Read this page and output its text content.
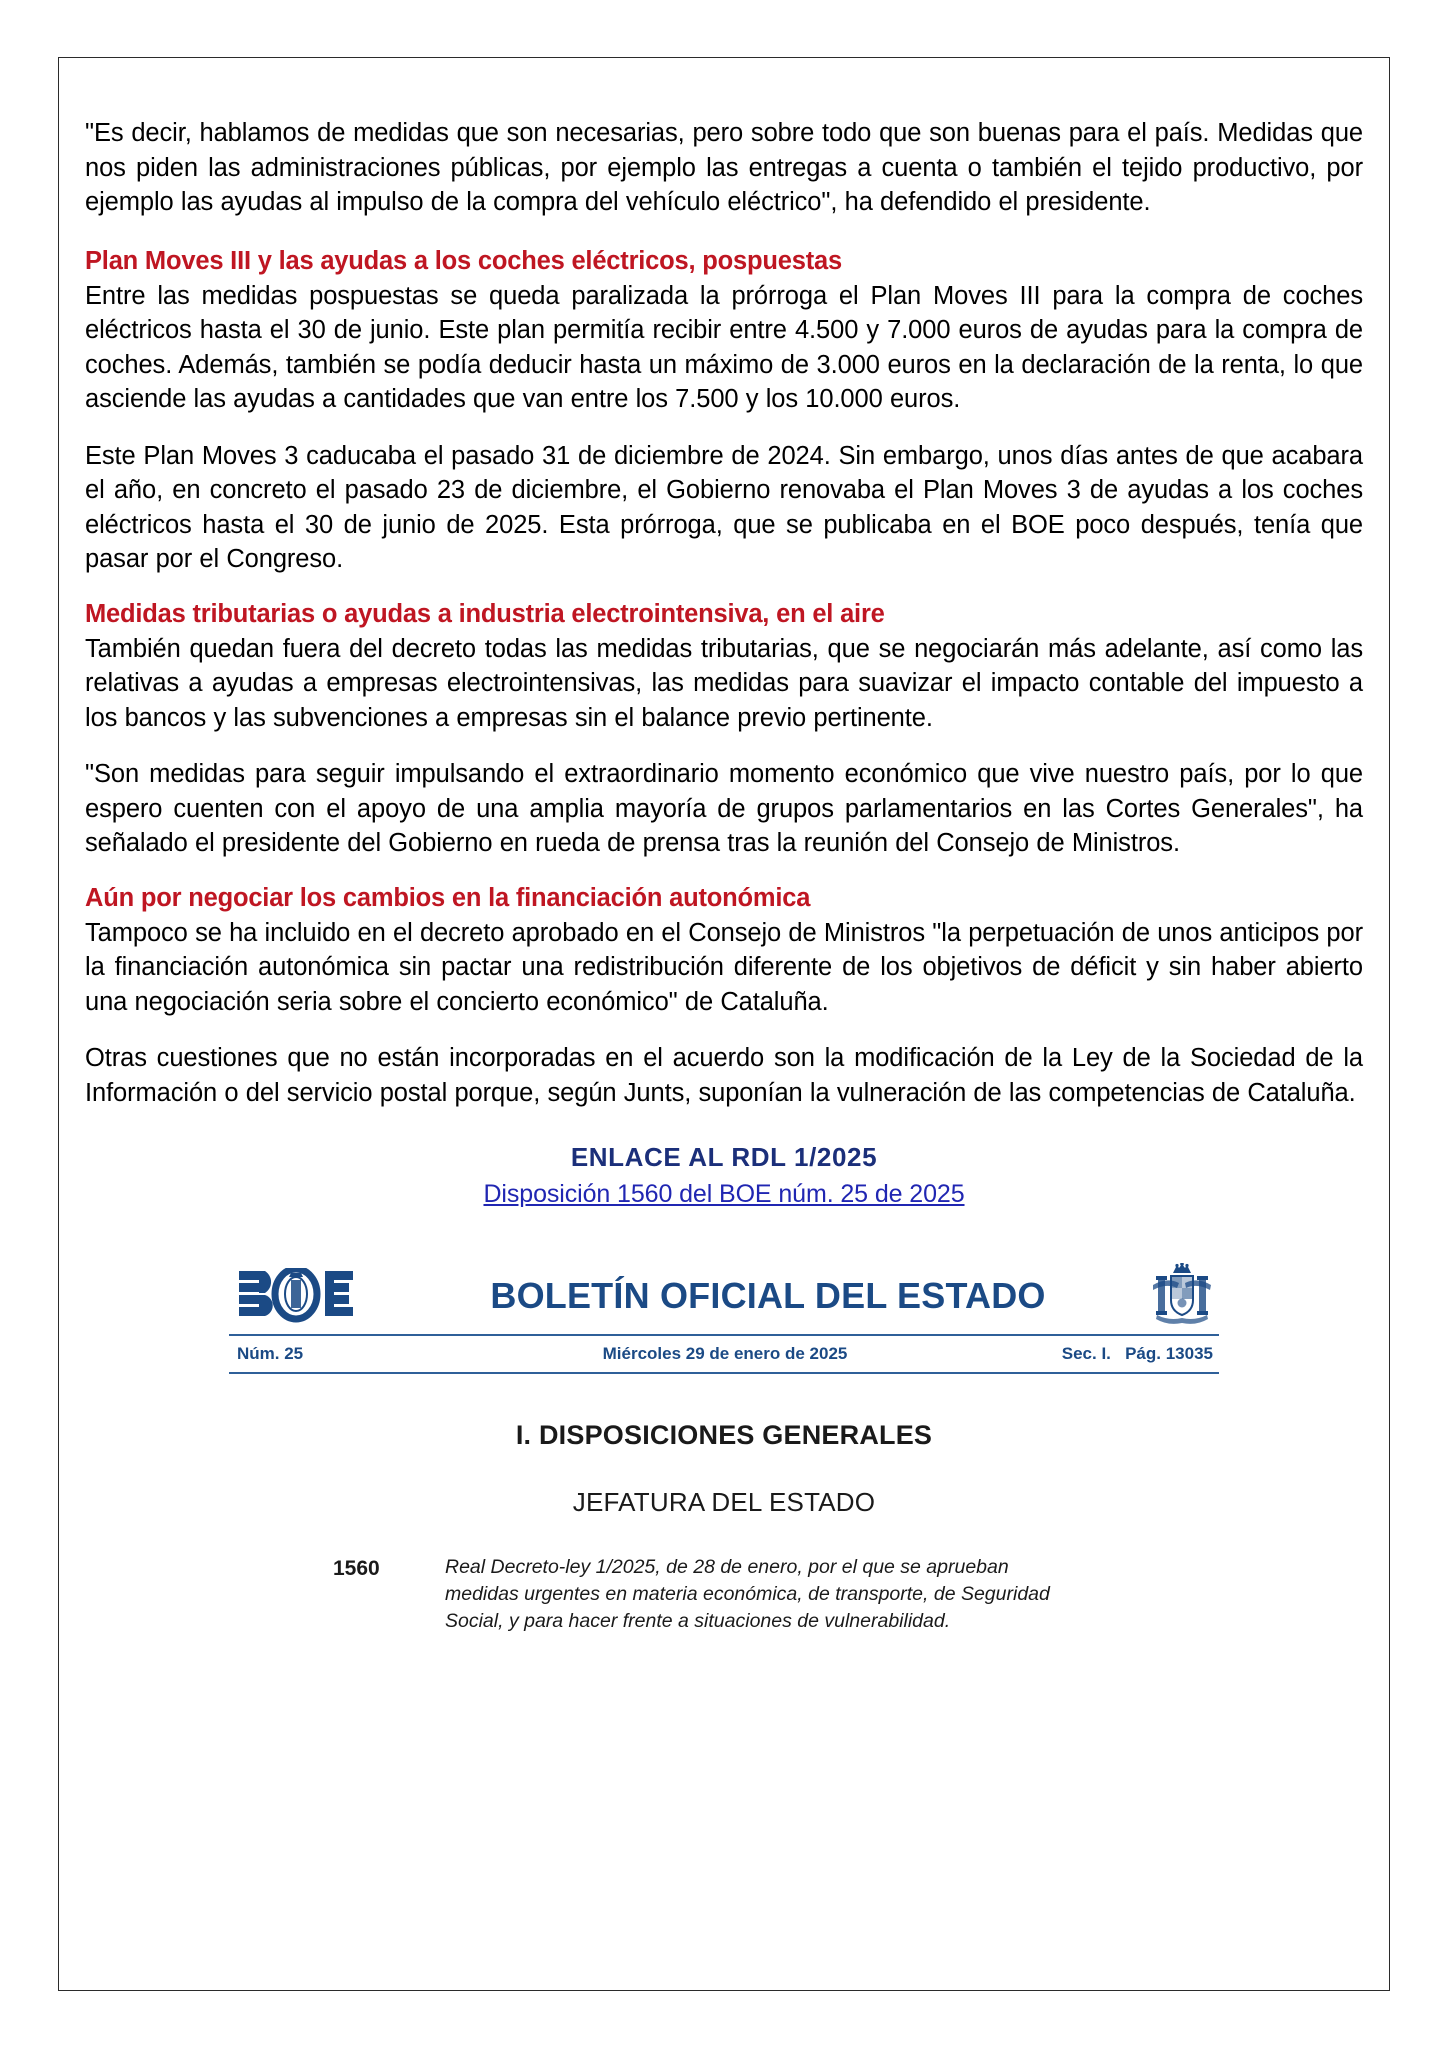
"Es decir, hablamos de medidas que son necesarias, pero sobre todo que son buenas para el país. Medidas que nos piden las administraciones públicas, por ejemplo las entregas a cuenta o también el tejido productivo, por ejemplo las ayudas al impulso de la compra del vehículo eléctrico", ha defendido el presidente.

Plan Moves III y las ayudas a los coches eléctricos, pospuestas

Entre las medidas pospuestas se queda paralizada la prórroga el Plan Moves III para la compra de coches eléctricos hasta el 30 de junio. Este plan permitía recibir entre 4.500 y 7.000 euros de ayudas para la compra de coches. Además, también se podía deducir hasta un máximo de 3.000 euros en la declaración de la renta, lo que asciende las ayudas a cantidades que van entre los 7.500 y los 10.000 euros.

Este Plan Moves 3 caducaba el pasado 31 de diciembre de 2024. Sin embargo, unos días antes de que acabara el año, en concreto el pasado 23 de diciembre, el Gobierno renovaba el Plan Moves 3 de ayudas a los coches eléctricos hasta el 30 de junio de 2025. Esta prórroga, que se publicaba en el BOE poco después, tenía que pasar por el Congreso.

Medidas tributarias o ayudas a industria electrointensiva, en el aire

También quedan fuera del decreto todas las medidas tributarias, que se negociarán más adelante, así como las relativas a ayudas a empresas electrointensivas, las medidas para suavizar el impacto contable del impuesto a los bancos y las subvenciones a empresas sin el balance previo pertinente.

"Son medidas para seguir impulsando el extraordinario momento económico que vive nuestro país, por lo que espero cuenten con el apoyo de una amplia mayoría de grupos parlamentarios en las Cortes Generales", ha señalado el presidente del Gobierno en rueda de prensa tras la reunión del Consejo de Ministros.

Aún por negociar los cambios en la financiación autonómica

Tampoco se ha incluido en el decreto aprobado en el Consejo de Ministros "la perpetuación de unos anticipos por la financiación autonómica sin pactar una redistribución diferente de los objetivos de déficit y sin haber abierto una negociación seria sobre el concierto económico" de Cataluña.

Otras cuestiones que no están incorporadas en el acuerdo son la modificación de la Ley de la Sociedad de la Información o del servicio postal porque, según Junts, suponían la vulneración de las competencias de Cataluña.

ENLACE AL RDL 1/2025
Disposición 1560 del BOE núm. 25 de 2025
BOLETÍN OFICIAL DEL ESTADO
Núm. 25	Miércoles 29 de enero de 2025	Sec. I.   Pág. 13035
I. DISPOSICIONES GENERALES
JEFATURA DEL ESTADO
1560	Real Decreto-ley 1/2025, de 28 de enero, por el que se aprueban medidas urgentes en materia económica, de transporte, de Seguridad Social, y para hacer frente a situaciones de vulnerabilidad.
